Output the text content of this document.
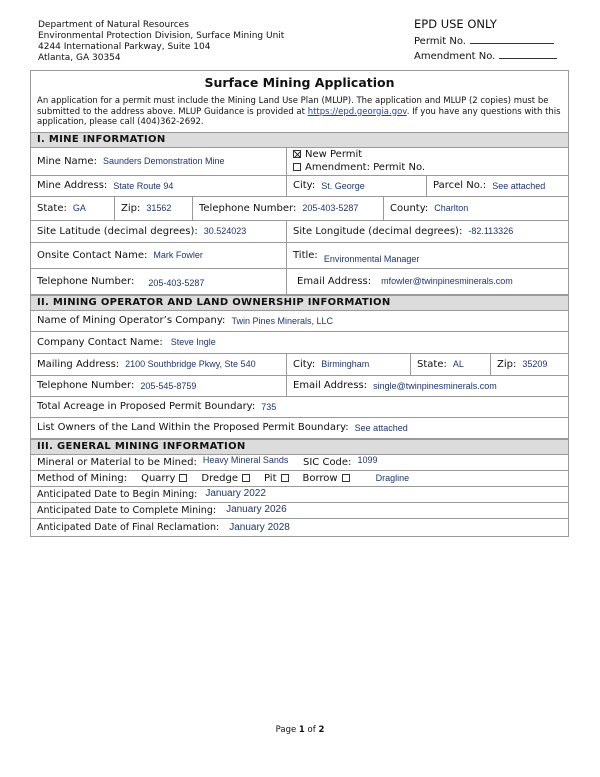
Department of Natural Resources
Environmental Protection Division, Surface Mining Unit
4244 International Parkway, Suite 104
Atlanta, GA 30354
EPD USE ONLY
Permit No.
Amendment No.
Surface Mining Application
An application for a permit must include the Mining Land Use Plan (MLUP). The application and MLUP (2 copies) must be submitted to the address above. MLUP Guidance is provided at https://epd.georgia.gov. If you have any questions with this application, please call (404)362-2692.
I. MINE INFORMATION
Mine Name: Saunders Demonstration Mine
New Permit
Amendment: Permit No.
Mine Address: State Route 94	City: St. George	Parcel No.: See attached
State: GA	Zip: 31562	Telephone Number: 205-403-5287	County: Charlton
Site Latitude (decimal degrees): 30.524023	Site Longitude (decimal degrees): -82.113326
Onsite Contact Name: Mark Fowler	Title: Environmental Manager
Telephone Number: 205-403-5287	Email Address: mfowler@twinpinesminerals.com
II. MINING OPERATOR AND LAND OWNERSHIP INFORMATION
Name of Mining Operator’s Company: Twin Pines Minerals, LLC
Company Contact Name: Steve Ingle
Mailing Address: 2100 Southbridge Pkwy, Ste 540	City: Birmingham	State: AL	Zip: 35209
Telephone Number: 205-545-8759	Email Address: single@twinpinesminerals.com
Total Acreage in Proposed Permit Boundary: 735
List Owners of the Land Within the Proposed Permit Boundary: See attached
III. GENERAL MINING INFORMATION
Mineral or Material to be Mined: Heavy Mineral Sands SIC Code: 1099
Method of Mining: Quarry	Dredge	Pit	Borrow	Dragline
Anticipated Date to Begin Mining: January 2022
Anticipated Date to Complete Mining: January 2026
Anticipated Date of Final Reclamation: January 2028
Page 1 of 2
